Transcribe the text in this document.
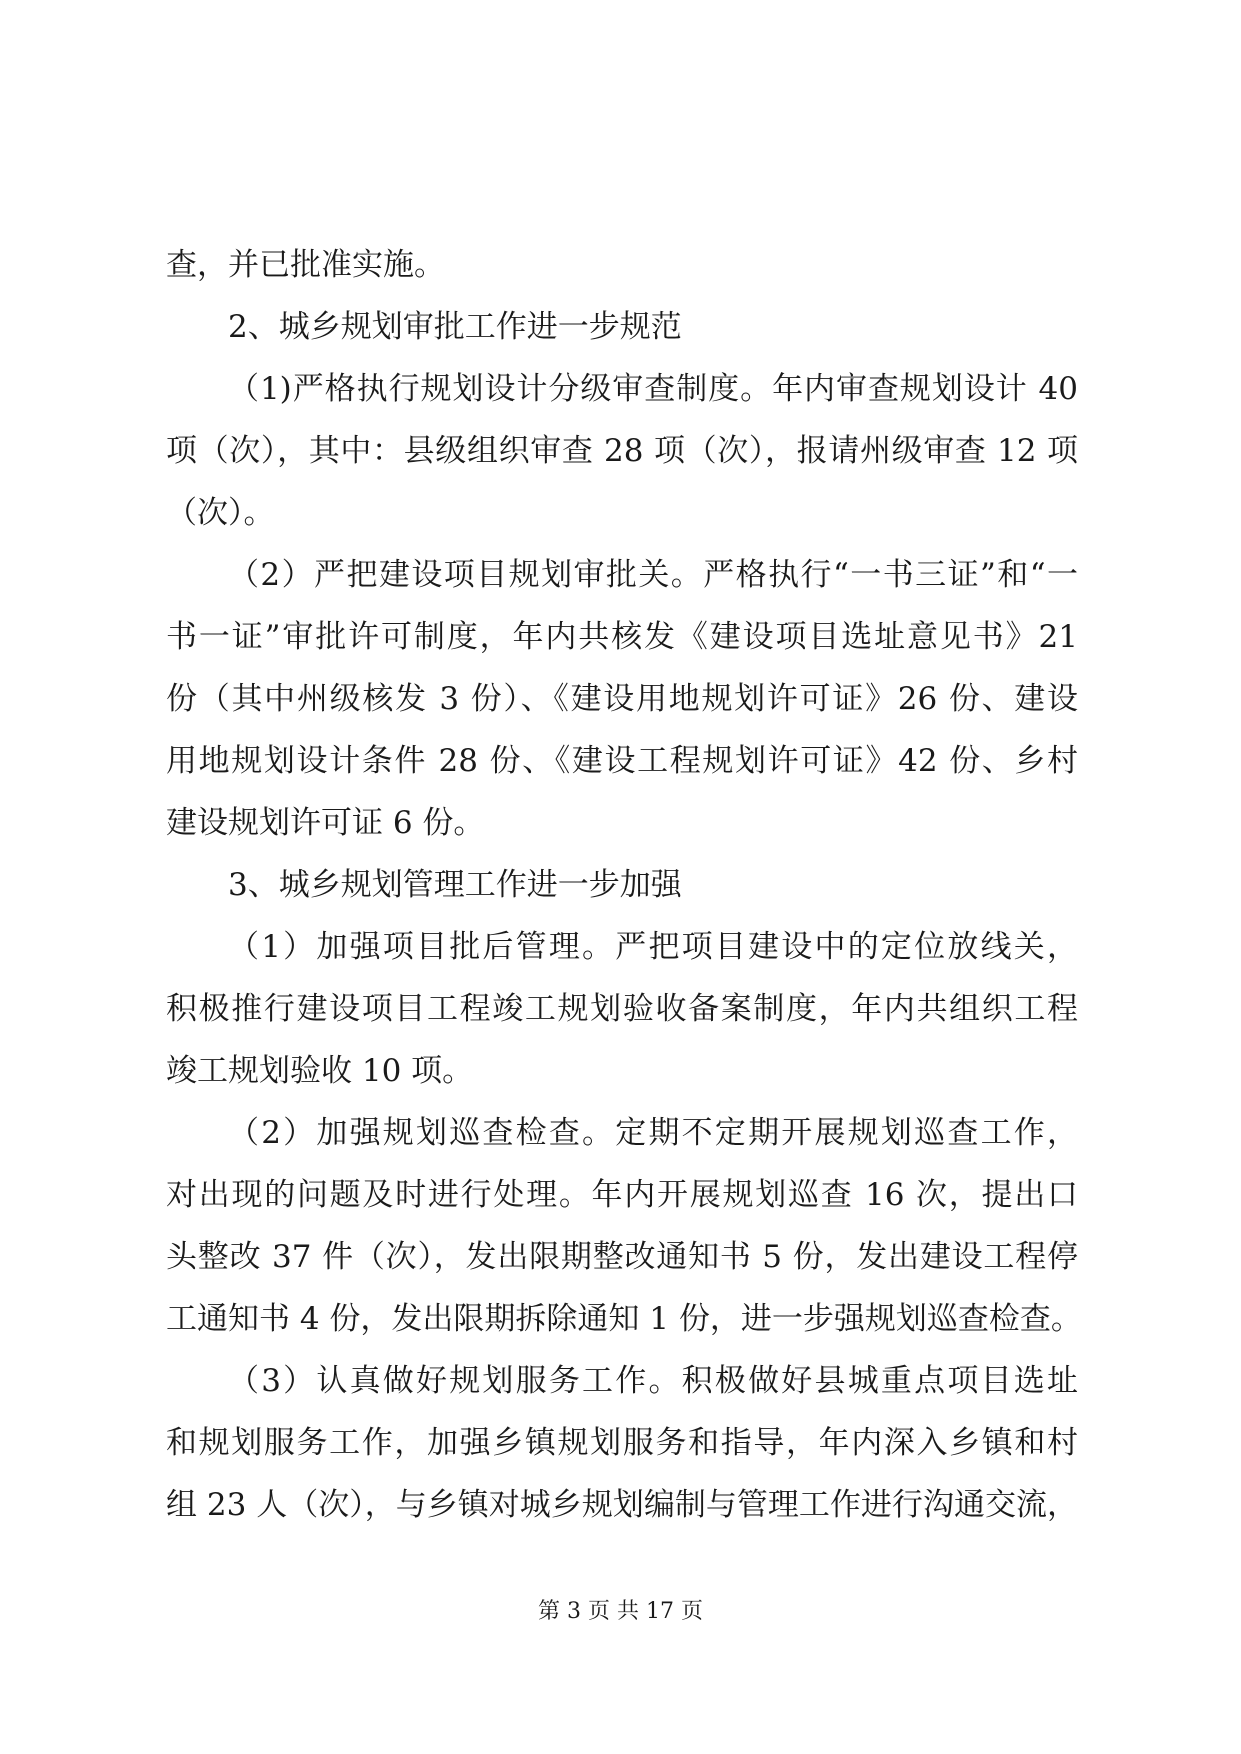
查，并已批准实施。
2、城乡规划审批工作进一步规范
（1)严格执行规划设计分级审查制度。年内审查规划设计 40
项（次），其中：县级组织审查 28 项（次），报请州级审查 12 项
（次）。
（2）严把建设项目规划审批关。严格执行“一书三证”和“一
书一证”审批许可制度，年内共核发《建设项目选址意见书》21
份（其中州级核发 3 份）、《建设用地规划许可证》26 份、建设
用地规划设计条件 28 份、《建设工程规划许可证》42 份、乡村
建设规划许可证 6 份。
3、城乡规划管理工作进一步加强
（1）加强项目批后管理。严把项目建设中的定位放线关，
积极推行建设项目工程竣工规划验收备案制度，年内共组织工程
竣工规划验收 10 项。
（2）加强规划巡查检查。定期不定期开展规划巡查工作，
对出现的问题及时进行处理。年内开展规划巡查 16 次，提出口
头整改 37 件（次），发出限期整改通知书 5 份，发出建设工程停
工通知书 4 份，发出限期拆除通知 1 份，进一步强规划巡查检查。
（3）认真做好规划服务工作。积极做好县城重点项目选址
和规划服务工作，加强乡镇规划服务和指导，年内深入乡镇和村
组 23 人（次），与乡镇对城乡规划编制与管理工作进行沟通交流，
第 3 页 共 17 页
